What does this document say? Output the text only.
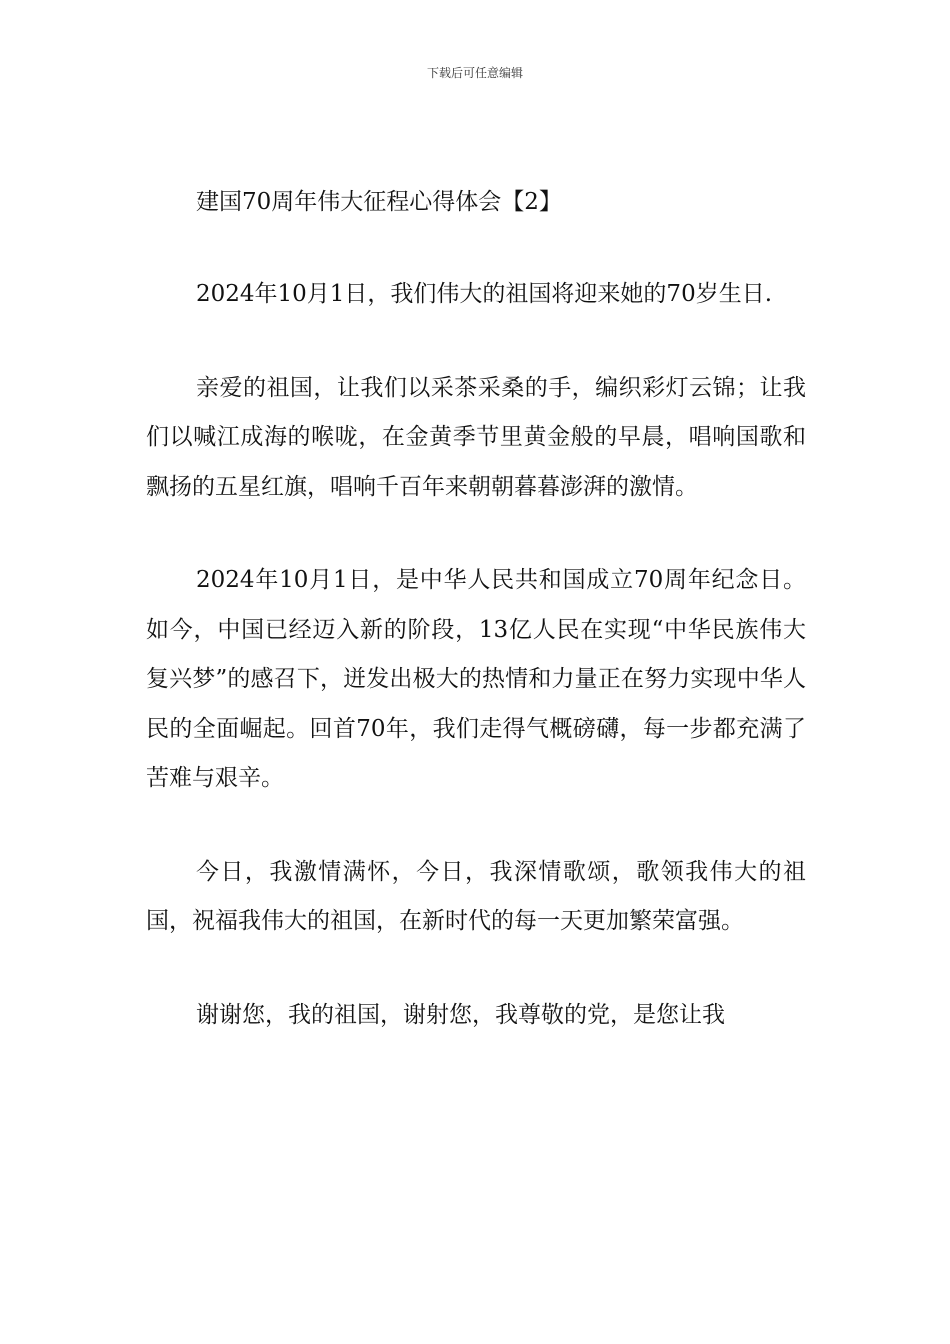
下载后可任意编辑
建国70周年伟大征程心得体会【2】

2024年10月1日，我们伟大的祖国将迎来她的70岁生日.

亲爱的祖国，让我们以采茶采桑的手，编织彩灯云锦；让我们以喊江成海的喉咙，在金黄季节里黄金般的早晨，唱响国歌和飘扬的五星红旗，唱响千百年来朝朝暮暮澎湃的激情。

2024年10月1日，是中华人民共和国成立70周年纪念日。如今，中国已经迈入新的阶段，13亿人民在实现“中华民族伟大复兴梦”的感召下，迸发出极大的热情和力量正在努力实现中华人民的全面崛起。回首70年，我们走得气概磅礴，每一步都充满了苦难与艰辛。

今日，我激情满怀，今日，我深情歌颂，歌领我伟大的祖国，祝福我伟大的祖国，在新时代的每一天更加繁荣富强。

谢谢您，我的祖国，谢射您，我尊敬的党，是您让我
